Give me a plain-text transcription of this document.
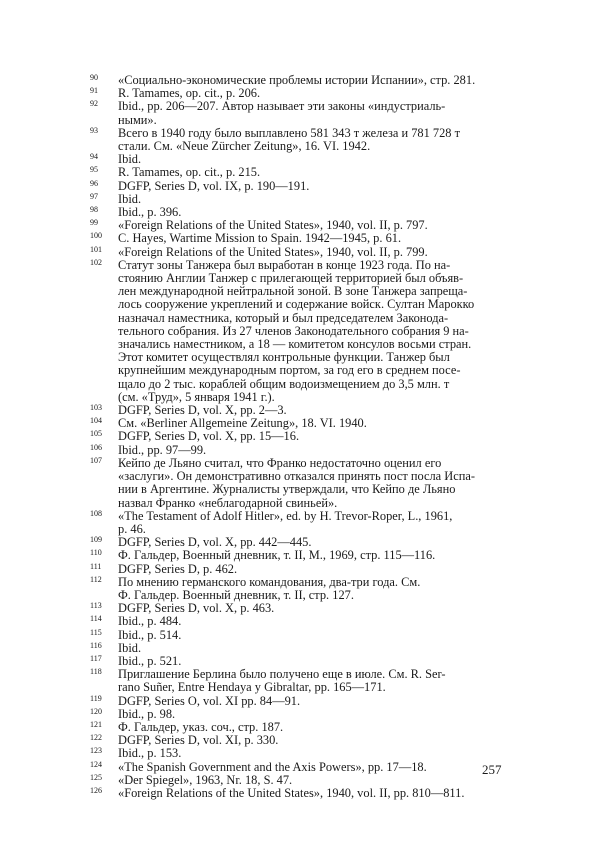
90	«Социально-экономические проблемы истории Испании», стр. 281.
91	R. Tamames, op. cit., p. 206.
92	Ibid., pp. 206—207. Автор называет эти законы «индустриаль-
ными».
93	Всего в 1940 году было выплавлено 581 343 т железа и 781 728 т
стали. См. «Neue Zürcher Zeitung», 16. VI. 1942.
94	Ibid.
95	R. Tamames, op. cit., p. 215.
96	DGFP, Series D, vol. IX, p. 190—191.
97	Ibid.
98	Ibid., p. 396.
99	«Foreign Relations of the United States», 1940, vol. II, p. 797.
100	C. Hayes, Wartime Mission to Spain. 1942—1945, p. 61.
101	«Foreign Relations of the United States», 1940, vol. II, p. 799.
102	Статут зоны Танжера был выработан в конце 1923 года. По на-
стоянию Англии Танжер с прилегающей территорией был объяв-
лен международной нейтральной зоной. В зоне Танжера запреща-
лось сооружение укреплений и содержание войск. Султан Марокко
назначал наместника, который и был председателем Законода-
тельного собрания. Из 27 членов Законодательного собрания 9 на-
значались наместником, а 18 — комитетом консулов восьми стран.
Этот комитет осуществлял контрольные функции. Танжер был
крупнейшим международным портом, за год его в среднем посе-
щало до 2 тыс. кораблей общим водоизмещением до 3,5 млн. т
(см. «Труд», 5 января 1941 г.).
103	DGFP, Series D, vol. X, pp. 2—3.
104	См. «Berliner Allgemeine Zeitung», 18. VI. 1940.
105	DGFP, Series D, vol. X, pp. 15—16.
106	Ibid., pp. 97—99.
107	Кейпо де Льяно считал, что Франко недостаточно оценил его
«заслуги». Он демонстративно отказался принять пост посла Испа-
нии в Аргентине. Журналисты утверждали, что Кейпо де Льяно
назвал Франко «неблагодарной свиньей».
108	«The Testament of Adolf Hitler», ed. by H. Trevor-Roper, L., 1961,
p. 46.
109	DGFP, Series D, vol. X, pp. 442—445.
110	Ф. Гальдер, Военный дневник, т. II, М., 1969, стр. 115—116.
111	DGFP, Series D, p. 462.
112	По мнению германского командования, два-три года. См.
Ф. Гальдер. Военный дневник, т. II, стр. 127.
113	DGFP, Series D, vol. X, p. 463.
114	Ibid., p. 484.
115	Ibid., p. 514.
116	Ibid.
117	Ibid., p. 521.
118	Приглашение Берлина было получено еще в июле. См. R. Ser-
rano Suñer, Entre Hendaya y Gibraltar, pp. 165—171.
119	DGFP, Series O, vol. XI pp. 84—91.
120	Ibid., p. 98.
121	Ф. Гальдер, указ. соч., стр. 187.
122	DGFP, Series D, vol. XI, p. 330.
123	Ibid., p. 153.
124	«The Spanish Government and the Axis Powers», pp. 17—18.
125	«Der Spiegel», 1963, Nr. 18, S. 47.
126	«Foreign Relations of the United States», 1940, vol. II, pp. 810—811.
257
